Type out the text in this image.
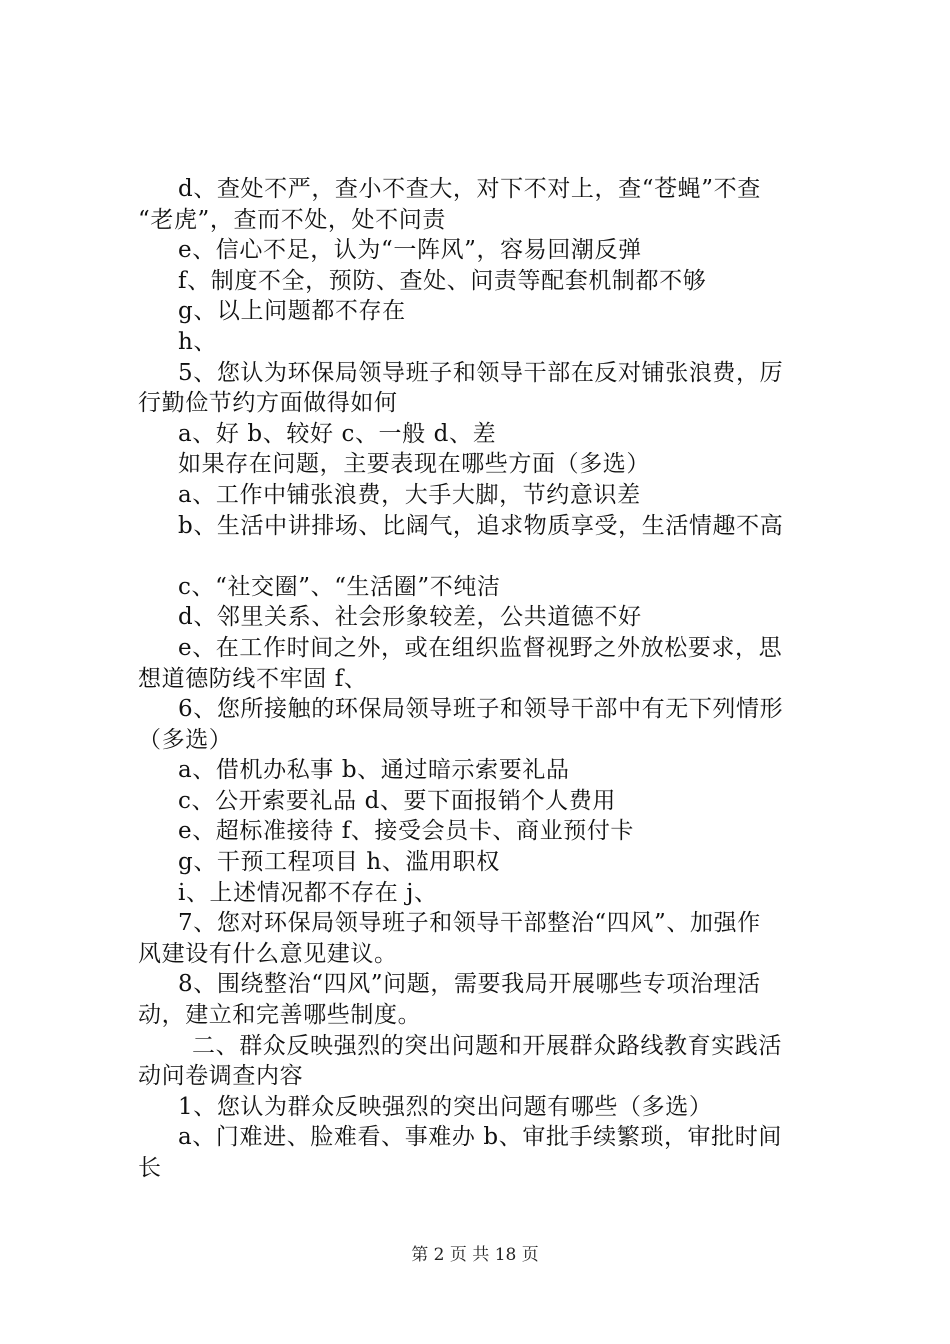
d、查处不严，查小不查大，对下不对上，查“苍蝇”不查
“老虎”，查而不处，处不问责
e、信心不足，认为“一阵风”，容易回潮反弹
f、制度不全，预防、查处、问责等配套机制都不够
g、以上问题都不存在
h、
5、您认为环保局领导班子和领导干部在反对铺张浪费，厉
行勤俭节约方面做得如何
a、好 b、较好 c、一般 d、差
如果存在问题，主要表现在哪些方面（多选）
a、工作中铺张浪费，大手大脚，节约意识差
b、生活中讲排场、比阔气，追求物质享受，生活情趣不高
c、“社交圈”、“生活圈”不纯洁
d、邻里关系、社会形象较差，公共道德不好
e、在工作时间之外，或在组织监督视野之外放松要求，思
想道德防线不牢固 f、
6、您所接触的环保局领导班子和领导干部中有无下列情形
（多选）
a、借机办私事 b、通过暗示索要礼品
c、公开索要礼品 d、要下面报销个人费用
e、超标准接待 f、接受会员卡、商业预付卡
g、干预工程项目 h、滥用职权
i、上述情况都不存在 j、
7、您对环保局领导班子和领导干部整治“四风”、加强作
风建设有什么意见建议。
8、围绕整治“四风”问题，需要我局开展哪些专项治理活
动，建立和完善哪些制度。
二、群众反映强烈的突出问题和开展群众路线教育实践活
动问卷调查内容
1、您认为群众反映强烈的突出问题有哪些（多选）
a、门难进、脸难看、事难办 b、审批手续繁琐，审批时间
长
第 2 页 共 18 页
